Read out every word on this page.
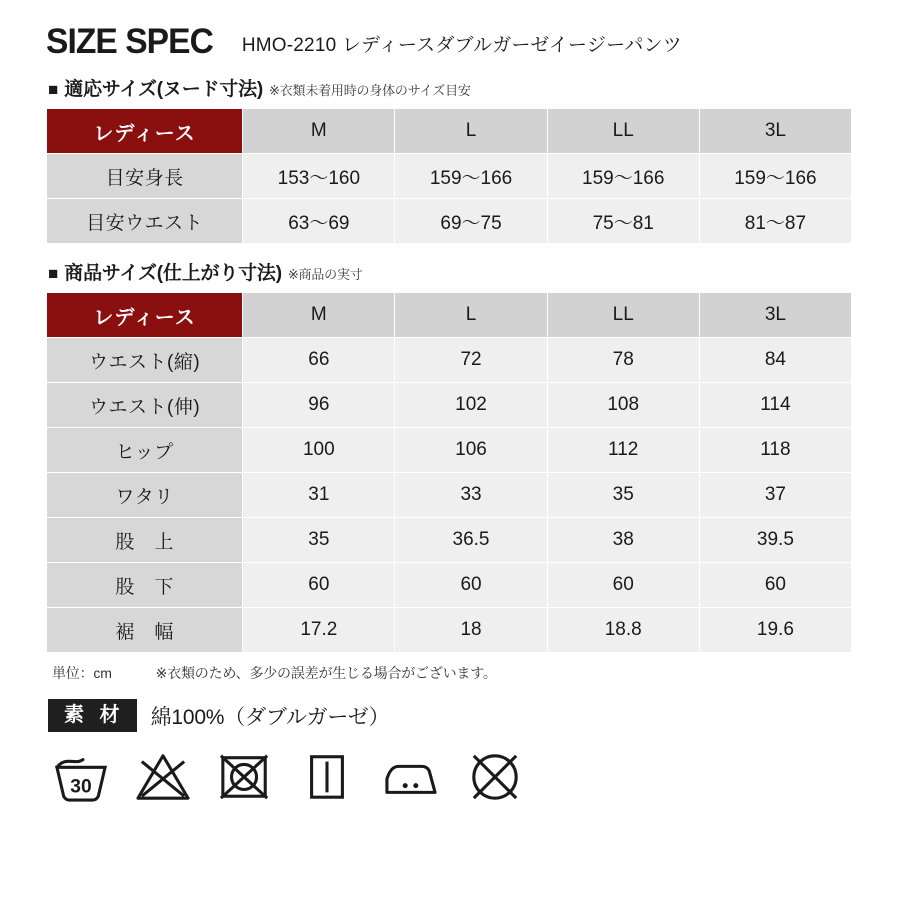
SIZE SPEC HMO-2210 レディースダブルガーゼイージーパンツ
■ 適応サイズ(ヌード寸法) ※衣類未着用時の身体のサイズ目安
レディース	M	L	LL	3L
目安身長	153〜160	159〜166	159〜166	159〜166
目安ウエスト	63〜69	69〜75	75〜81	81〜87
■ 商品サイズ(仕上がり寸法) ※商品の実寸
レディース	M	L	LL	3L
ウエスト(縮)	66	72	78	84
ウエスト(伸)	96	102	108	114
ヒップ	100	106	112	118
ワタリ	31	33	35	37
股　上	35	36.5	38	39.5
股　下	60	60	60	60
裾　幅	17.2	18	18.8	19.6
単位：cm	※衣類のため、多少の誤差が生じる場合がございます。
素 材	綿100%（ダブルガーゼ）
30
